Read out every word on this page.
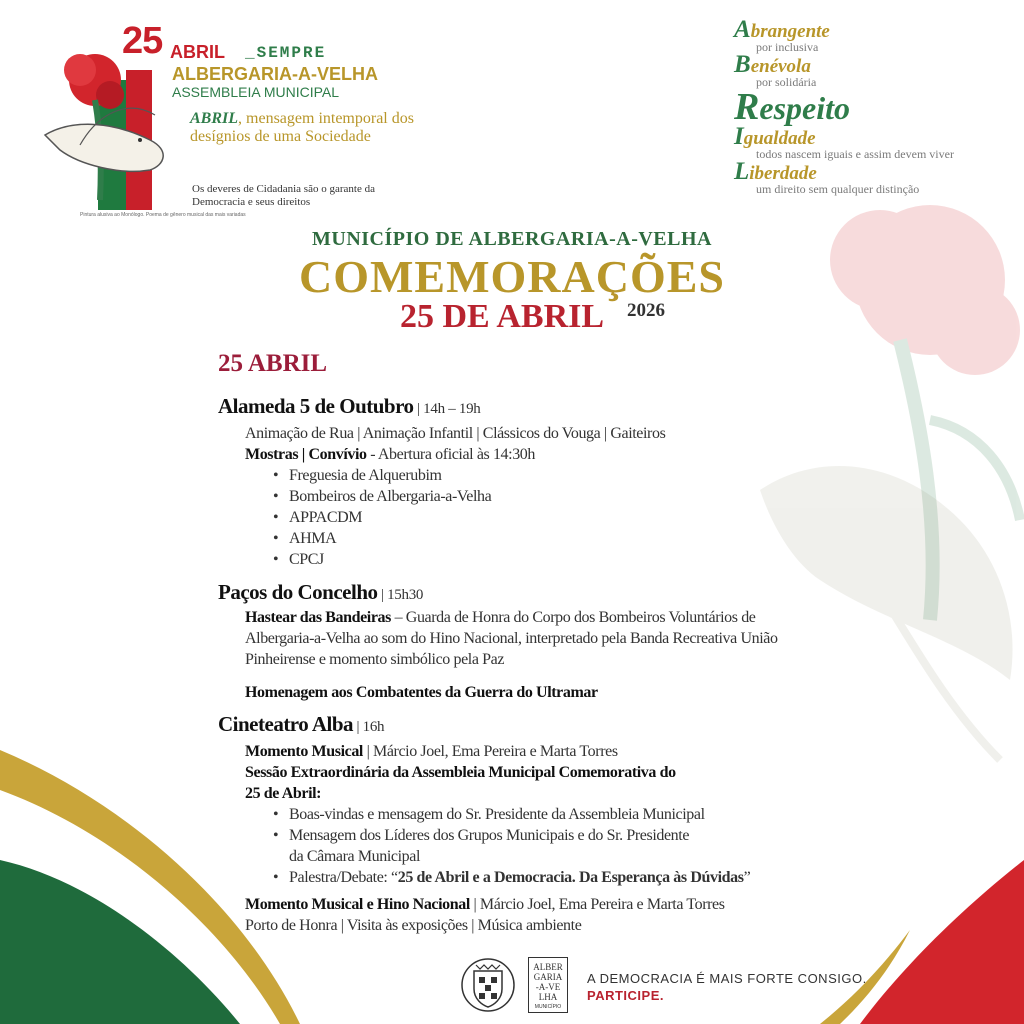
25 ABRIL _SEMPRE
ALBERGARIA-A-VELHA
ASSEMBLEIA MUNICIPAL
ABRIL, mensagem intemporal dos desígnios de uma Sociedade
Os deveres de Cidadania são o garante da Democracia e seus direitos
Pintura alusiva ao Monólogo. Poema de gênero musical das mais variadas
Abrangente
por inclusiva
Benévola
por solidária
Respeito
Igualdade
todos nascem iguais e assim devem viver
Liberdade
um direito sem qualquer distinção
MUNICÍPIO DE ALBERGARIA-A-VELHA
COMEMORAÇÕES
25 DE ABRIL 2026
25 ABRIL
Alameda 5 de Outubro | 14h – 19h
Animação de Rua | Animação Infantil | Clássicos do Vouga | Gaiteiros
Mostras | Convívio - Abertura oficial às 14:30h
• Freguesia de Alquerubim
• Bombeiros de Albergaria-a-Velha
• APPACDM
• AHMA
• CPCJ
Paços do Concelho | 15h30
Hastear das Bandeiras – Guarda de Honra do Corpo dos Bombeiros Voluntários de
Albergaria-a-Velha ao som do Hino Nacional, interpretado pela Banda Recreativa União
Pinheirense e momento simbólico pela Paz
Homenagem aos Combatentes da Guerra do Ultramar
Cineteatro Alba | 16h
Momento Musical | Márcio Joel, Ema Pereira e Marta Torres
Sessão Extraordinária da Assembleia Municipal Comemorativa do
25 de Abril:
• Boas-vindas e mensagem do Sr. Presidente da Assembleia Municipal
• Mensagem dos Líderes dos Grupos Municipais e do Sr. Presidente
da Câmara Municipal
• Palestra/Debate: “25 de Abril e a Democracia. Da Esperança às Dúvidas”
Momento Musical e Hino Nacional | Márcio Joel, Ema Pereira e Marta Torres
Porto de Honra | Visita às exposições | Música ambiente
ALBER
GARIA
-A-VE
LHA
MUNICÍPIO
A DEMOCRACIA É MAIS FORTE CONSIGO.
PARTICIPE.
